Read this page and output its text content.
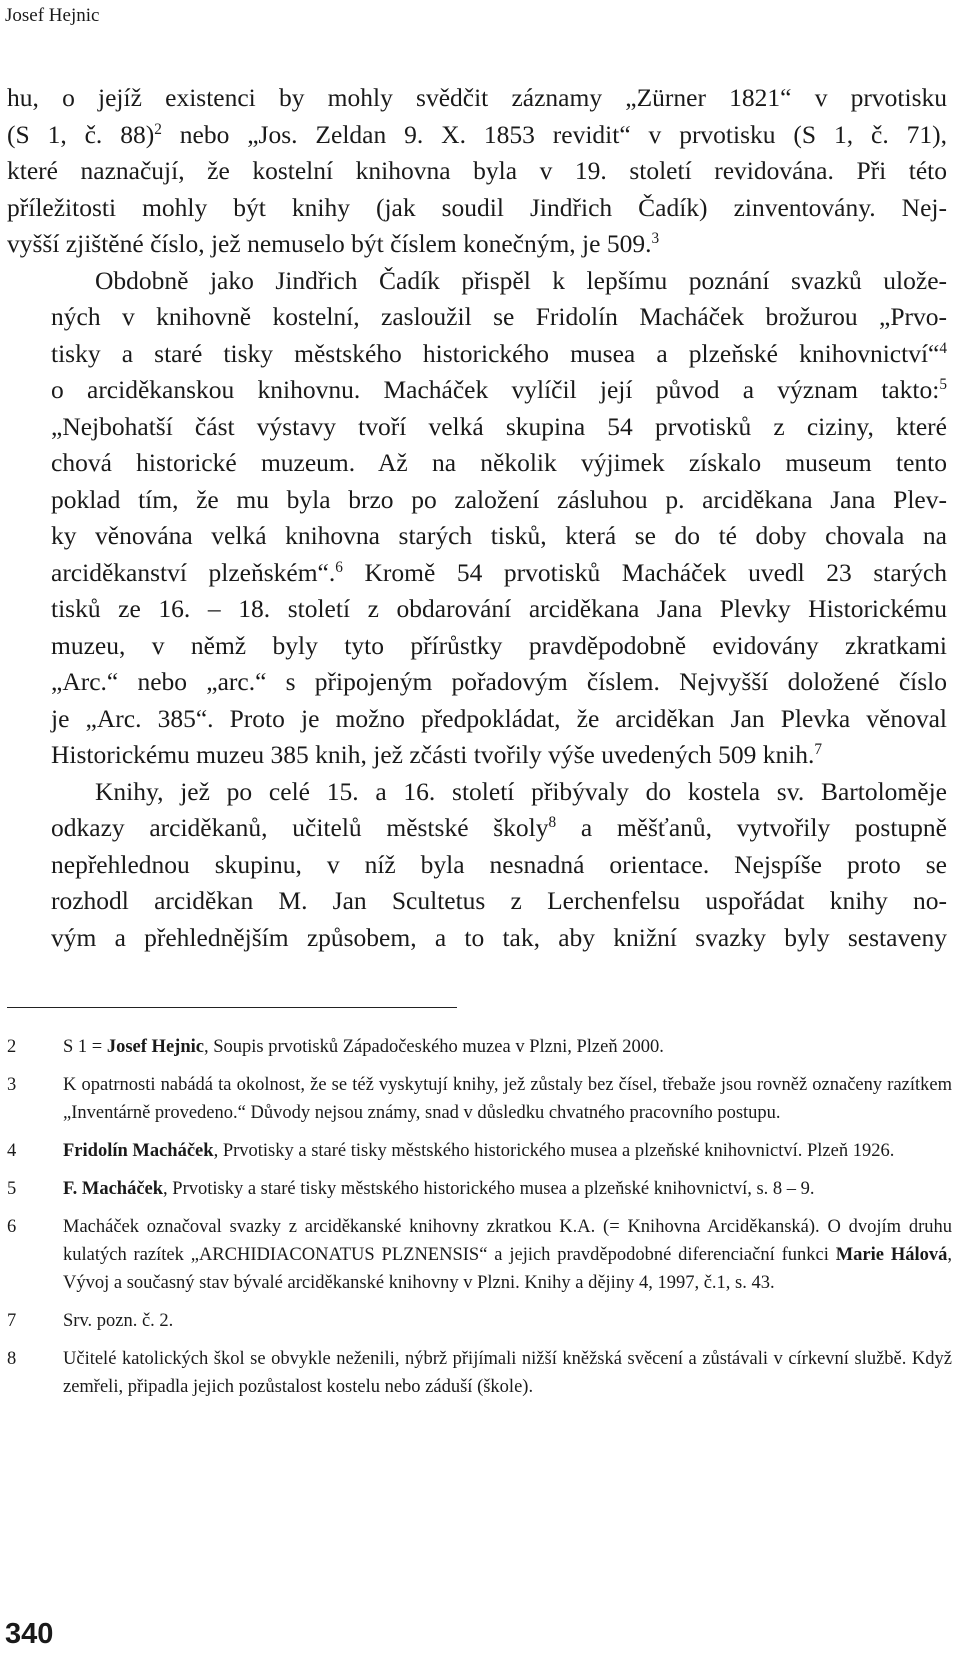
Josef Hejnic

hu, o jejíž existenci by mohly svědčit záznamy „Zürner 1821“ v prvotisku
(S 1, č. 88)$^2$ nebo „Jos. Zeldan 9. X. 1853 revidit“ v prvotisku (S 1, č. 71),
které naznačují, že kostelní knihovna byla v 19. století revidována. Při této
příležitosti mohly být knihy (jak soudil Jindřich Čadík) zinventovány. Nej-
vyšší zjištěné číslo, jež nemuselo být číslem konečným, je 509.$^3$

Obdobně jako Jindřich Čadík přispěl k lepšímu poznání svazků ulože-
ných v knihovně kostelní, zasloužil se Fridolín Macháček brožurou „Prvo-
tisky a staré tisky městského historického musea a plzeňské knihovnictví“$^4$
o arciděkanskou knihovnu. Macháček vylíčil její původ a význam takto:$^5$
„Nejbohatší část výstavy tvoří velká skupina 54 prvotisků z ciziny, které
chová historické muzeum. Až na několik výjimek získalo museum tento
poklad tím, že mu byla brzo po založení zásluhou p. arciděkana Jana Plev-
ky věnována velká knihovna starých tisků, která se do té doby chovala na
arciděkanství plzeňském“.$^6$ Kromě 54 prvotisků Macháček uvedl 23 starých
tisků ze 16. – 18. století z obdarování arciděkana Jana Plevky Historickému
muzeu, v němž byly tyto přírůstky pravděpodobně evidovány zkratkami
„Arc.“ nebo „arc.“ s připojeným pořadovým číslem. Nejvyšší doložené číslo
je „Arc. 385“. Proto je možno předpokládat, že arciděkan Jan Plevka věnoval
Historickému muzeu 385 knih, jež zčásti tvořily výše uvedených 509 knih.$^7$

Knihy, jež po celé 15. a 16. století přibývaly do kostela sv. Bartoloměje
odkazy arciděkanů, učitelů městské školy$^8$ a měšťanů, vytvořily postupně
nepřehlednou skupinu, v níž byla nesnadná orientace. Nejspíše proto se
rozhodl arciděkan M. Jan Scultetus z Lerchenfelsu uspořádat knihy no-
vým a přehlednějším způsobem, a to tak, aby knižní svazky byly sestaveny

2	S 1 = Josef Hejnic, Soupis prvotisků Západočeského muzea v Plzni, Plzeň 2000.
3	K opatrnosti nabádá ta okolnost, že se též vyskytují knihy, jež zůstaly bez čísel, třebaže jsou rovněž označeny razítkem „Inventárně provedeno.“ Důvody nejsou známy, snad v důsledku chvatného pracovního postupu.
4	Fridolín Macháček, Prvotisky a staré tisky městského historického musea a plzeňské knihovnictví. Plzeň 1926.
5	F. Macháček, Prvotisky a staré tisky městského historického musea a plzeňské knihovnictví, s. 8 – 9.
6	Macháček označoval svazky z arciděkanské knihovny zkratkou K.A. (= Knihovna Arciděkanská). O dvojím druhu kulatých razítek „ARCHIDIACONATUS PLZNENSIS“ a jejich pravděpodobné diferenciační funkci Marie Hálová, Vývoj a současný stav bývalé arciděkanské knihovny v Plzni. Knihy a dějiny 4, 1997, č.1, s. 43.
7	Srv. pozn. č. 2.
8	Učitelé katolických škol se obvykle neženili, nýbrž přijímali nižší kněžská svěcení a zůstávali v církevní službě. Když zemřeli, připadla jejich pozůstalost kostelu nebo záduší (škole).
340
